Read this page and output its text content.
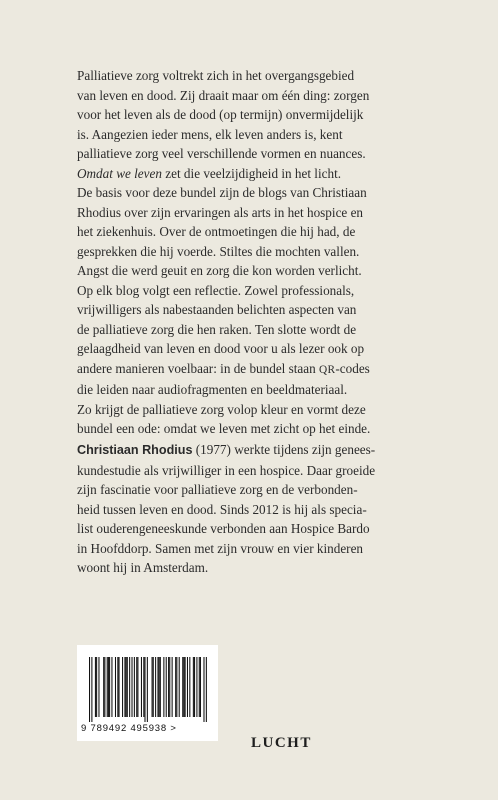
Palliatieve zorg voltrekt zich in het overgangsgebied
van leven en dood. Zij draait maar om één ding: zorgen
voor het leven als de dood (op termijn) onvermijdelijk
is. Aangezien ieder mens, elk leven anders is, kent
palliatieve zorg veel verschillende vormen en nuances.
Omdat we leven zet die veelzijdigheid in het licht.
De basis voor deze bundel zijn de blogs van Christiaan
Rhodius over zijn ervaringen als arts in het hospice en
het ziekenhuis. Over de ontmoetingen die hij had, de
gesprekken die hij voerde. Stiltes die mochten vallen.
Angst die werd geuit en zorg die kon worden verlicht.
Op elk blog volgt een reflectie. Zowel professionals,
vrijwilligers als nabestaanden belichten aspecten van
de palliatieve zorg die hen raken. Ten slotte wordt de
gelaagdheid van leven en dood voor u als lezer ook op
andere manieren voelbaar: in de bundel staan QR-codes
die leiden naar audiofragmenten en beeldmateriaal.
Zo krijgt de palliatieve zorg volop kleur en vormt deze
bundel een ode: omdat we leven met zicht op het einde.
Christiaan Rhodius (1977) werkte tijdens zijn genees-
kundestudie als vrijwilliger in een hospice. Daar groeide
zijn fascinatie voor palliatieve zorg en de verbonden-
heid tussen leven en dood. Sinds 2012 is hij als specia-
list ouderengeneeskunde verbonden aan Hospice Bardo
in Hoofddorp. Samen met zijn vrouw en vier kinderen
woont hij in Amsterdam.
9 789492 495938 >
LUCHT
